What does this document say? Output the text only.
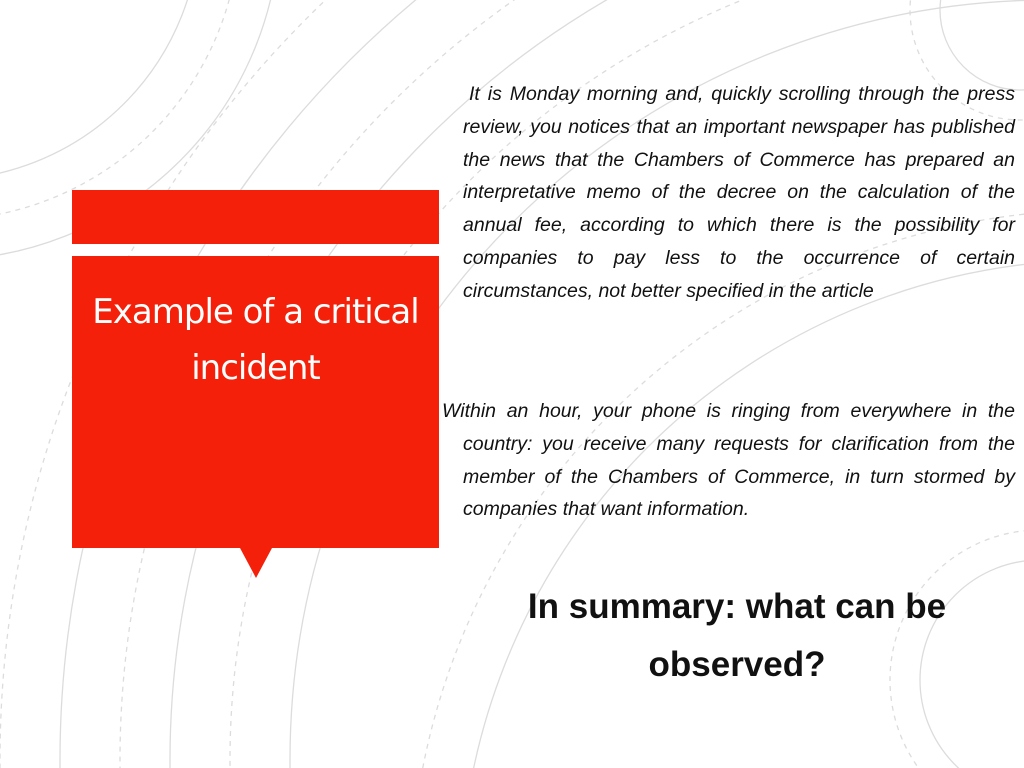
Example of a critical incident
It is Monday morning and, quickly scrolling through the press review, you notices that an important newspaper has published the news that the Chambers of Commerce has prepared an interpretative memo of the decree on the calculation of the annual fee, according to which there is the possibility for companies to pay less to the occurrence of certain circumstances, not better specified in the article
Within an hour, your phone is ringing from everywhere in the country: you receive many requests for clarification from the member of the Chambers of Commerce, in turn stormed by companies that want information.
In summary: what can be observed?
